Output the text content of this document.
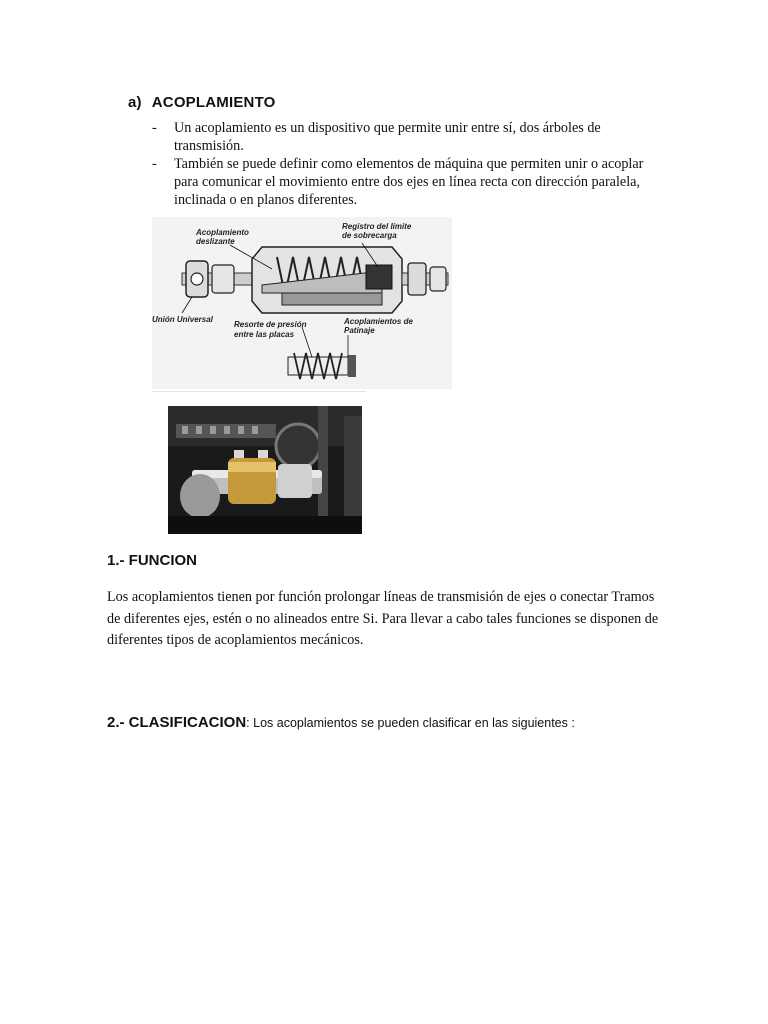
a) ACOPLAMIENTO
- Un acoplamiento es un dispositivo que permite unir entre sí, dos árboles de transmisión.
- También se puede definir como elementos de máquina que permiten unir o acoplar para comunicar el movimiento entre dos ejes en línea recta con dirección paralela, inclinada o en planos diferentes.
Acoplamiento
deslizante
Registro del límite
de sobrecarga
Unión Universal
Resorte de presión
entre las placas
Acoplamientos de
Patinaje
1.- FUNCION
Los acoplamientos tienen por función prolongar líneas de transmisión de ejes o conectar Tramos de diferentes ejes, estén o no alineados entre Si. Para llevar a cabo tales funciones se disponen de diferentes tipos de acoplamientos mecánicos.
2.- CLASIFICACION: Los acoplamientos se pueden clasificar en las siguientes :
